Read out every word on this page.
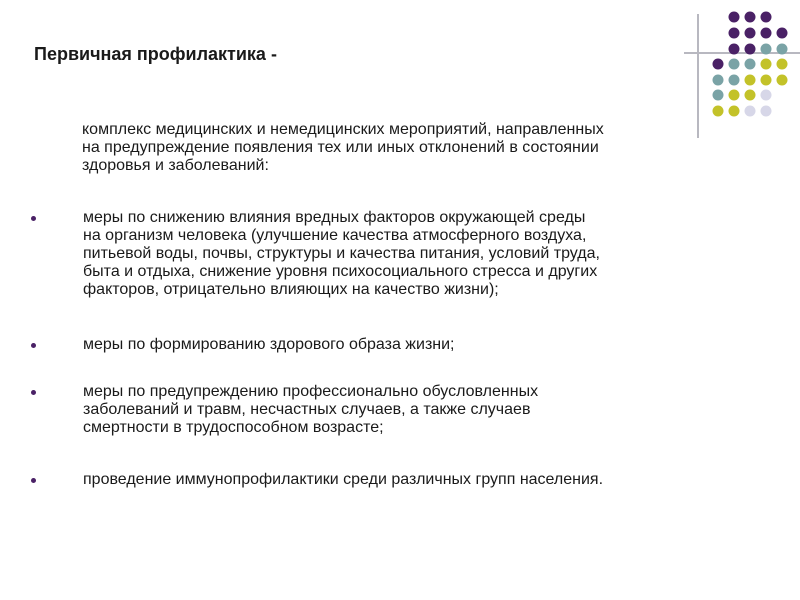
Первичная профилактика -
комплекс медицинских и немедицинских мероприятий, направленных
на предупреждение появления тех или иных отклонений в состоянии
здоровья и заболеваний:
меры по снижению влияния вредных факторов окружающей среды
на организм человека (улучшение качества атмосферного воздуха,
питьевой воды, почвы, структуры и качества питания, условий труда,
быта и отдыха, снижение уровня психосоциального стресса и других
факторов, отрицательно влияющих на качество жизни);
меры по формированию здорового образа жизни;
меры по предупреждению профессионально обусловленных
заболеваний и травм, несчастных случаев, а также случаев
смертности в трудоспособном возрасте;
проведение иммунопрофилактики среди различных групп населения.
